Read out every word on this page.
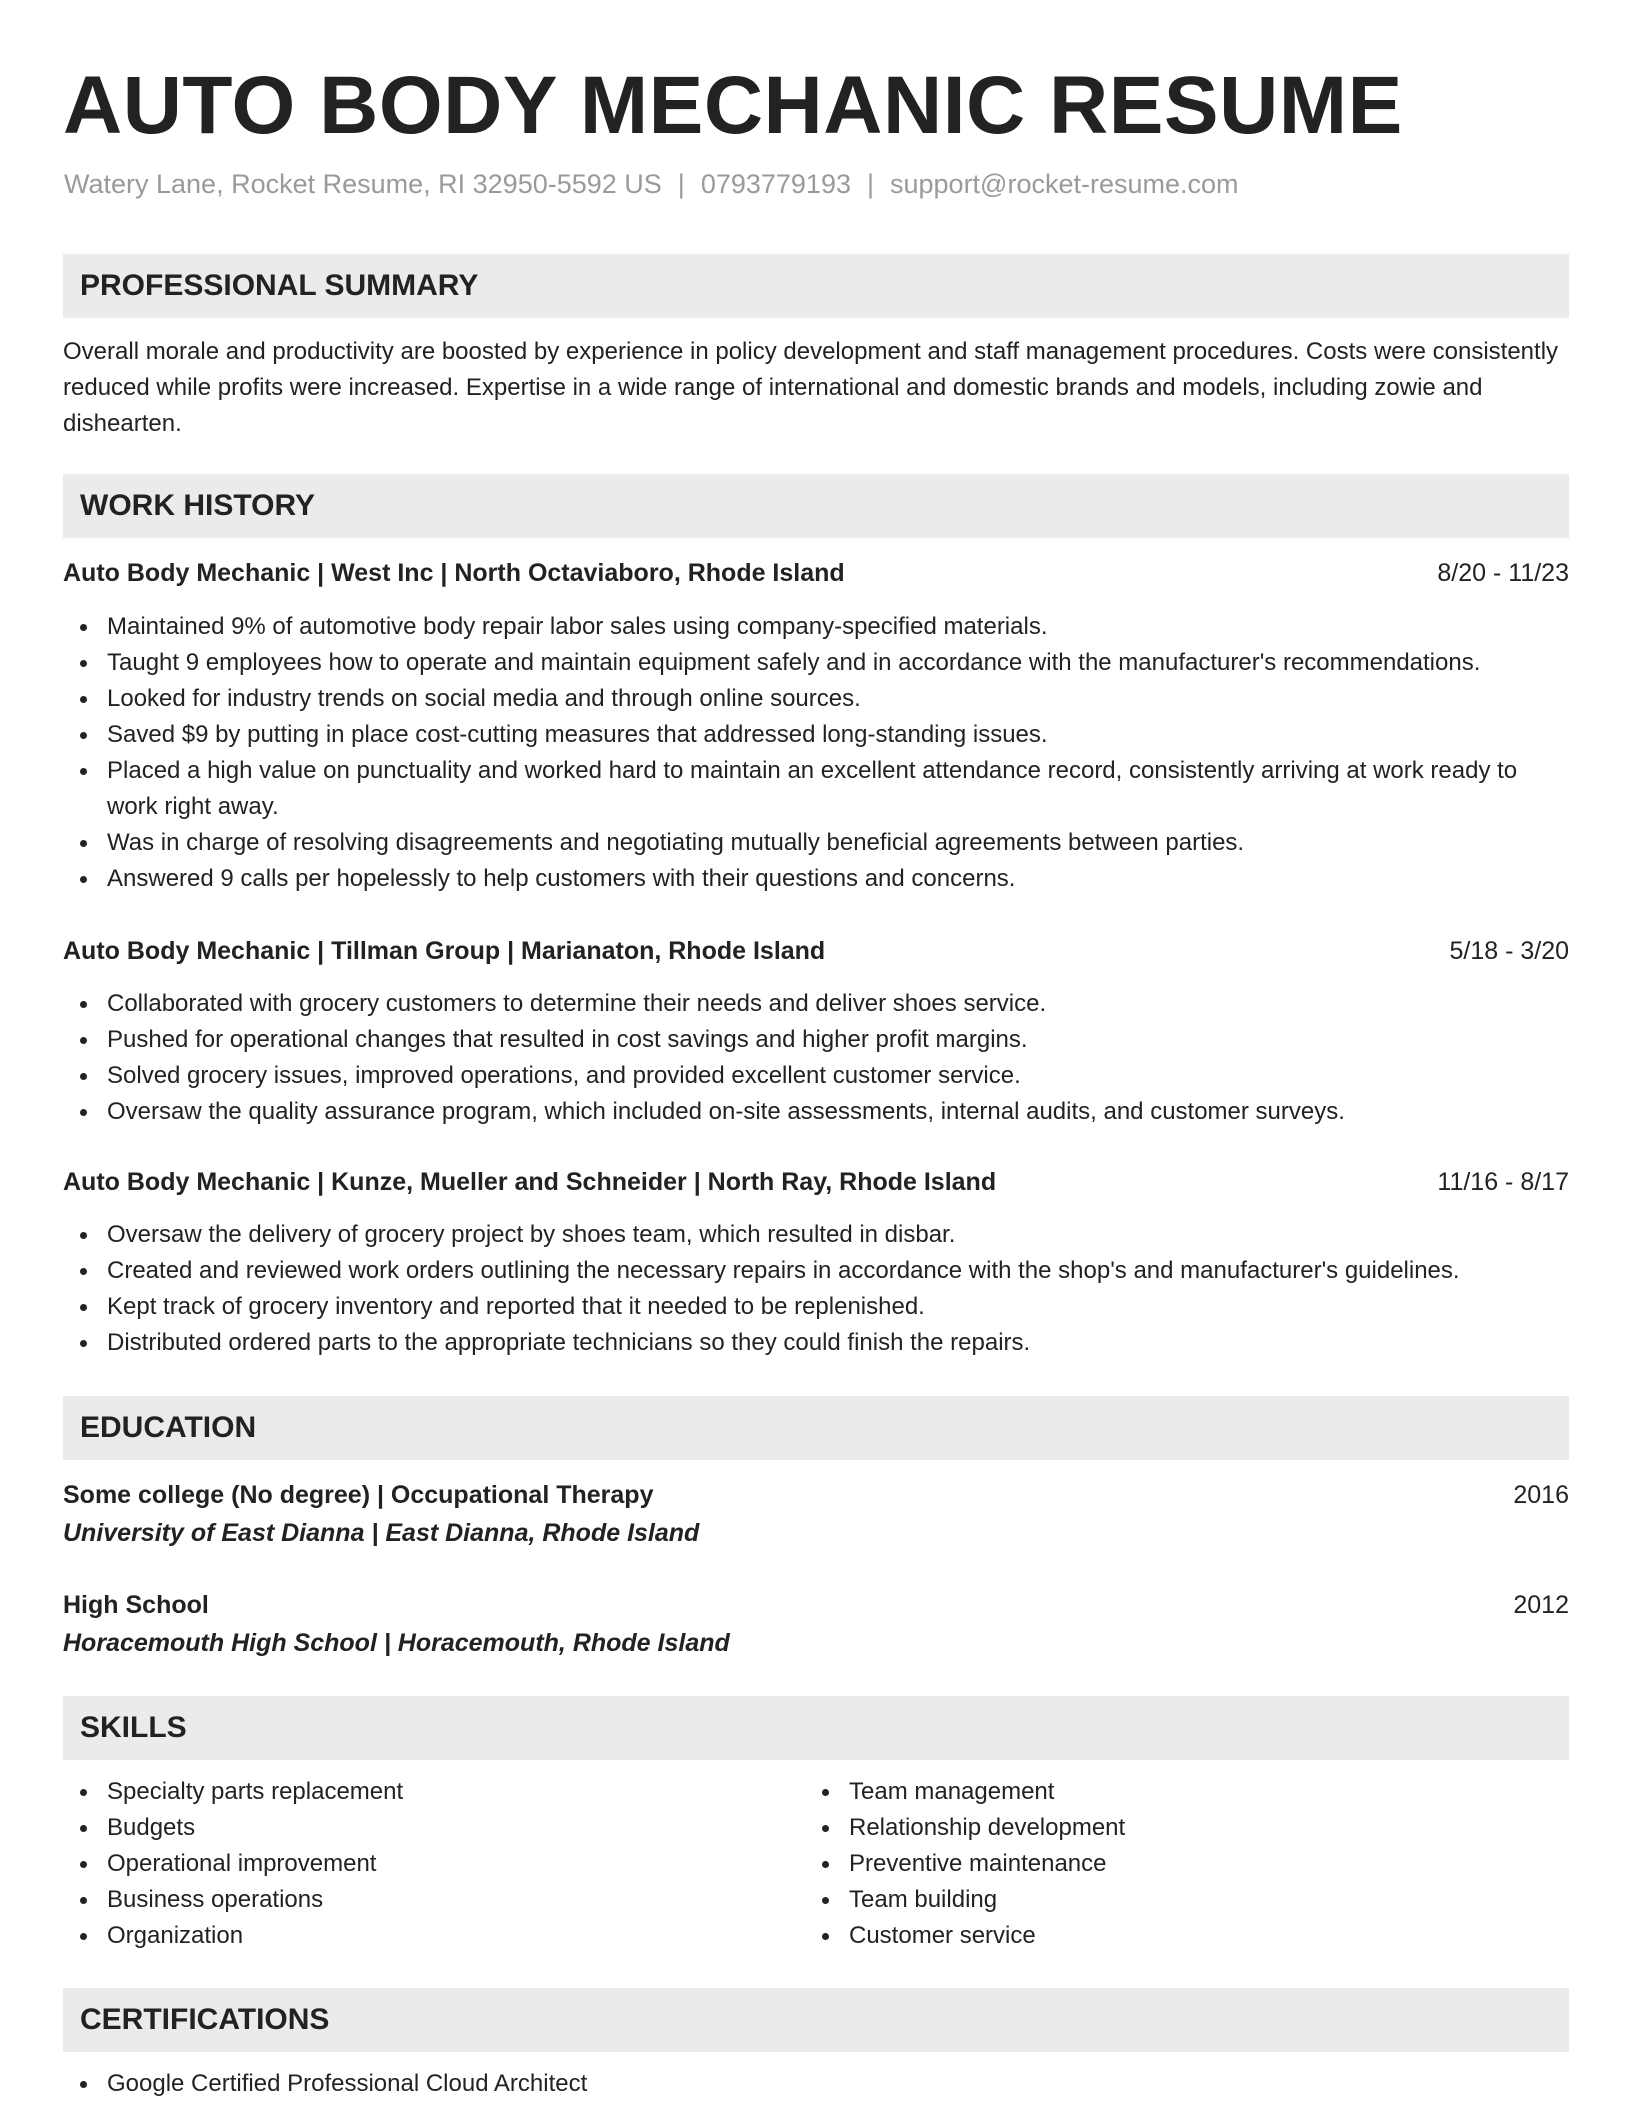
AUTO BODY MECHANIC RESUME
Watery Lane, Rocket Resume, RI 32950-5592 US | 0793779193 | support@rocket-resume.com
PROFESSIONAL SUMMARY
Overall morale and productivity are boosted by experience in policy development and staff management procedures. Costs were consistently reduced while profits were increased. Expertise in a wide range of international and domestic brands and models, including zowie and dishearten.
WORK HISTORY
Auto Body Mechanic | West Inc | North Octaviaboro, Rhode Island	8/20 - 11/23
Maintained 9% of automotive body repair labor sales using company-specified materials.
Taught 9 employees how to operate and maintain equipment safely and in accordance with the manufacturer's recommendations.
Looked for industry trends on social media and through online sources.
Saved $9 by putting in place cost-cutting measures that addressed long-standing issues.
Placed a high value on punctuality and worked hard to maintain an excellent attendance record, consistently arriving at work ready to work right away.
Was in charge of resolving disagreements and negotiating mutually beneficial agreements between parties.
Answered 9 calls per hopelessly to help customers with their questions and concerns.
Auto Body Mechanic | Tillman Group | Marianaton, Rhode Island	5/18 - 3/20
Collaborated with grocery customers to determine their needs and deliver shoes service.
Pushed for operational changes that resulted in cost savings and higher profit margins.
Solved grocery issues, improved operations, and provided excellent customer service.
Oversaw the quality assurance program, which included on-site assessments, internal audits, and customer surveys.
Auto Body Mechanic | Kunze, Mueller and Schneider | North Ray, Rhode Island	11/16 - 8/17
Oversaw the delivery of grocery project by shoes team, which resulted in disbar.
Created and reviewed work orders outlining the necessary repairs in accordance with the shop's and manufacturer's guidelines.
Kept track of grocery inventory and reported that it needed to be replenished.
Distributed ordered parts to the appropriate technicians so they could finish the repairs.
EDUCATION
Some college (No degree) | Occupational Therapy	2016
University of East Dianna | East Dianna, Rhode Island
High School	2012
Horacemouth High School | Horacemouth, Rhode Island
SKILLS
Specialty parts replacement
Budgets
Operational improvement
Business operations
Organization
Team management
Relationship development
Preventive maintenance
Team building
Customer service
CERTIFICATIONS
Google Certified Professional Cloud Architect
